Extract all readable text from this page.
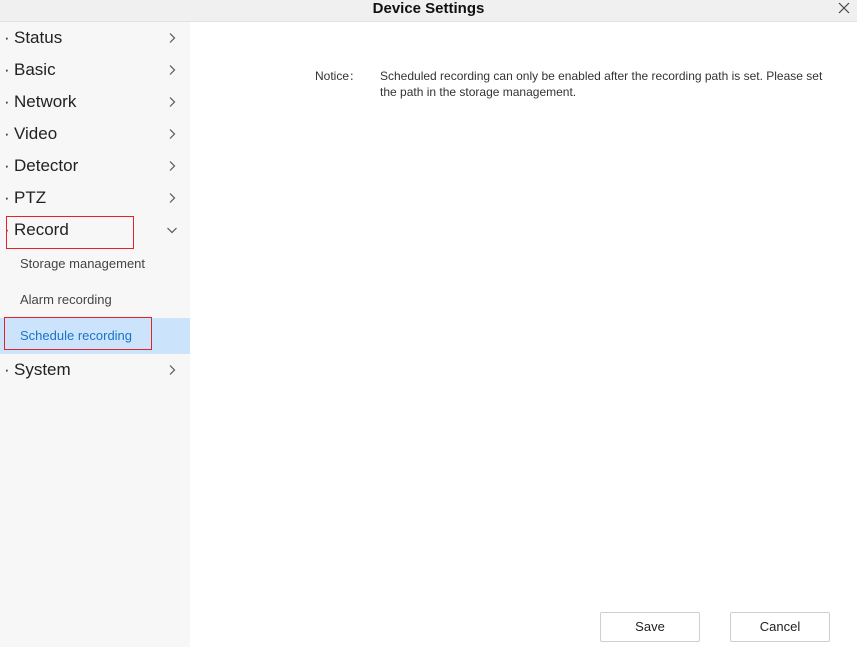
Device Settings
· Status
· Basic
· Network
· Video
· Detector
· PTZ
· Record
Storage management
Alarm recording
Schedule recording
· System
Notice： Scheduled recording can only be enabled after the recording path is set. Please set the path in the storage management.
Save	Cancel
